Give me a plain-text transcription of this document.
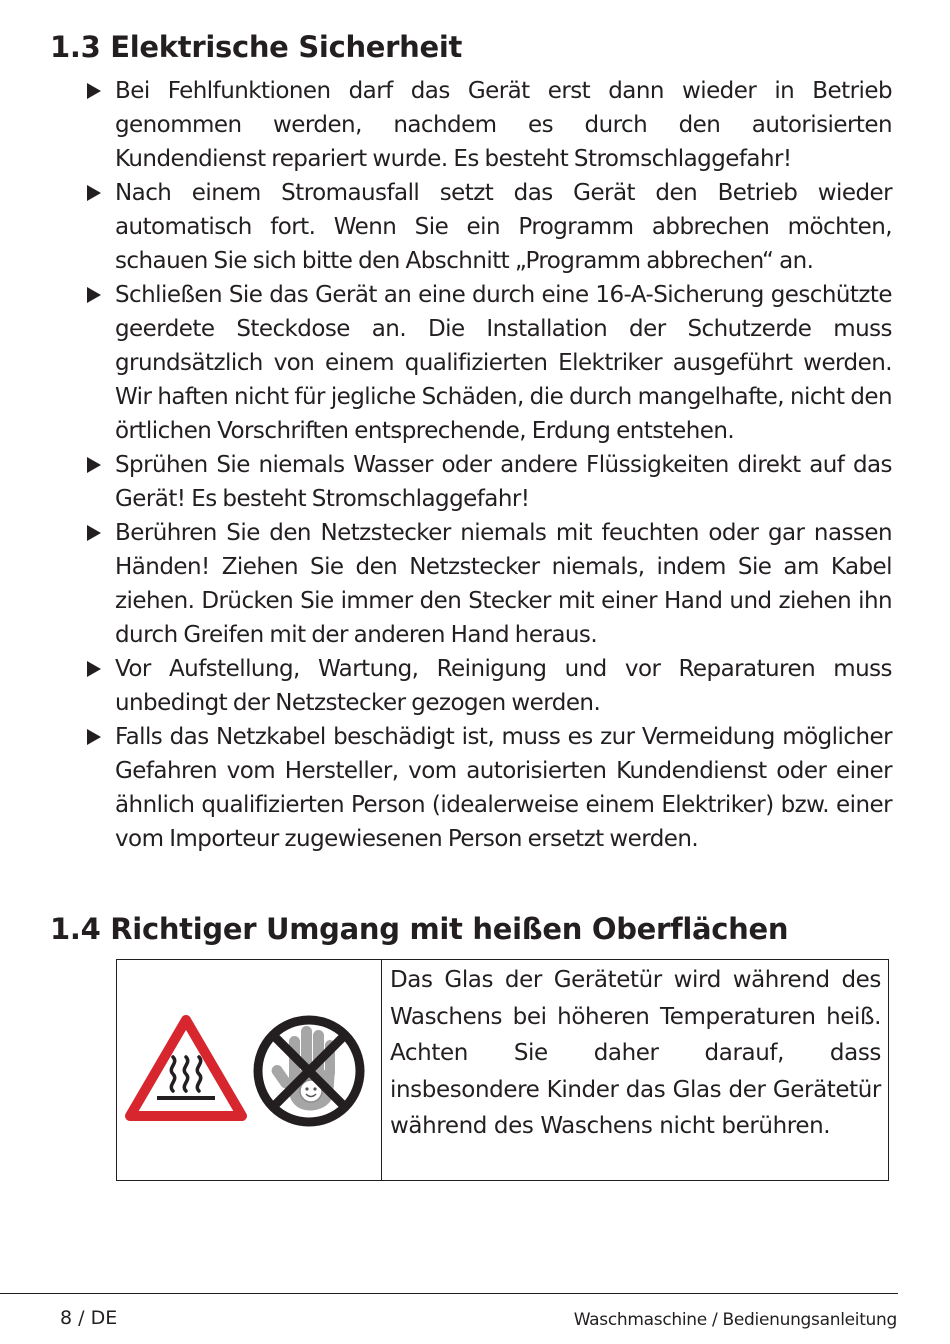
1.3 Elektrische Sicherheit
Bei Fehlfunktionen darf das Gerät erst dann wieder in Betrieb genommen werden, nachdem es durch den autorisierten Kundendienst repariert wurde. Es besteht Stromschlaggefahr!
Nach einem Stromausfall setzt das Gerät den Betrieb wieder automatisch fort. Wenn Sie ein Programm abbrechen möchten, schauen Sie sich bitte den Abschnitt „Programm abbrechen“ an.
Schließen Sie das Gerät an eine durch eine 16-A-Sicherung geschützte geerdete Steckdose an. Die Installation der Schutzerde muss grundsätzlich von einem qualifizierten Elektriker ausgeführt werden. Wir haften nicht für jegliche Schäden, die durch mangelhafte, nicht den örtlichen Vorschriften entsprechende, Erdung entstehen.
Sprühen Sie niemals Wasser oder andere Flüssigkeiten direkt auf das Gerät! Es besteht Stromschlaggefahr!
Berühren Sie den Netzstecker niemals mit feuchten oder gar nassen Händen! Ziehen Sie den Netzstecker niemals, indem Sie am Kabel ziehen. Drücken Sie immer den Stecker mit einer Hand und ziehen ihn durch Greifen mit der anderen Hand heraus.
Vor Aufstellung, Wartung, Reinigung und vor Reparaturen muss unbedingt der Netzstecker gezogen werden.
Falls das Netzkabel beschädigt ist, muss es zur Vermeidung möglicher Gefahren vom Hersteller, vom autorisierten Kundendienst oder einer ähnlich qualifizierten Person (idealerweise einem Elektriker) bzw. einer vom Importeur zugewiesenen Person ersetzt werden.
1.4 Richtiger Umgang mit heißen Oberflächen

Das Glas der Gerätetür wird während des Waschens bei höheren Temperaturen heiß. Achten Sie daher darauf, dass insbesondere Kinder das Glas der Gerätetür während des Waschens nicht berühren.

8 / DE	Waschmaschine / Bedienungsanleitung
